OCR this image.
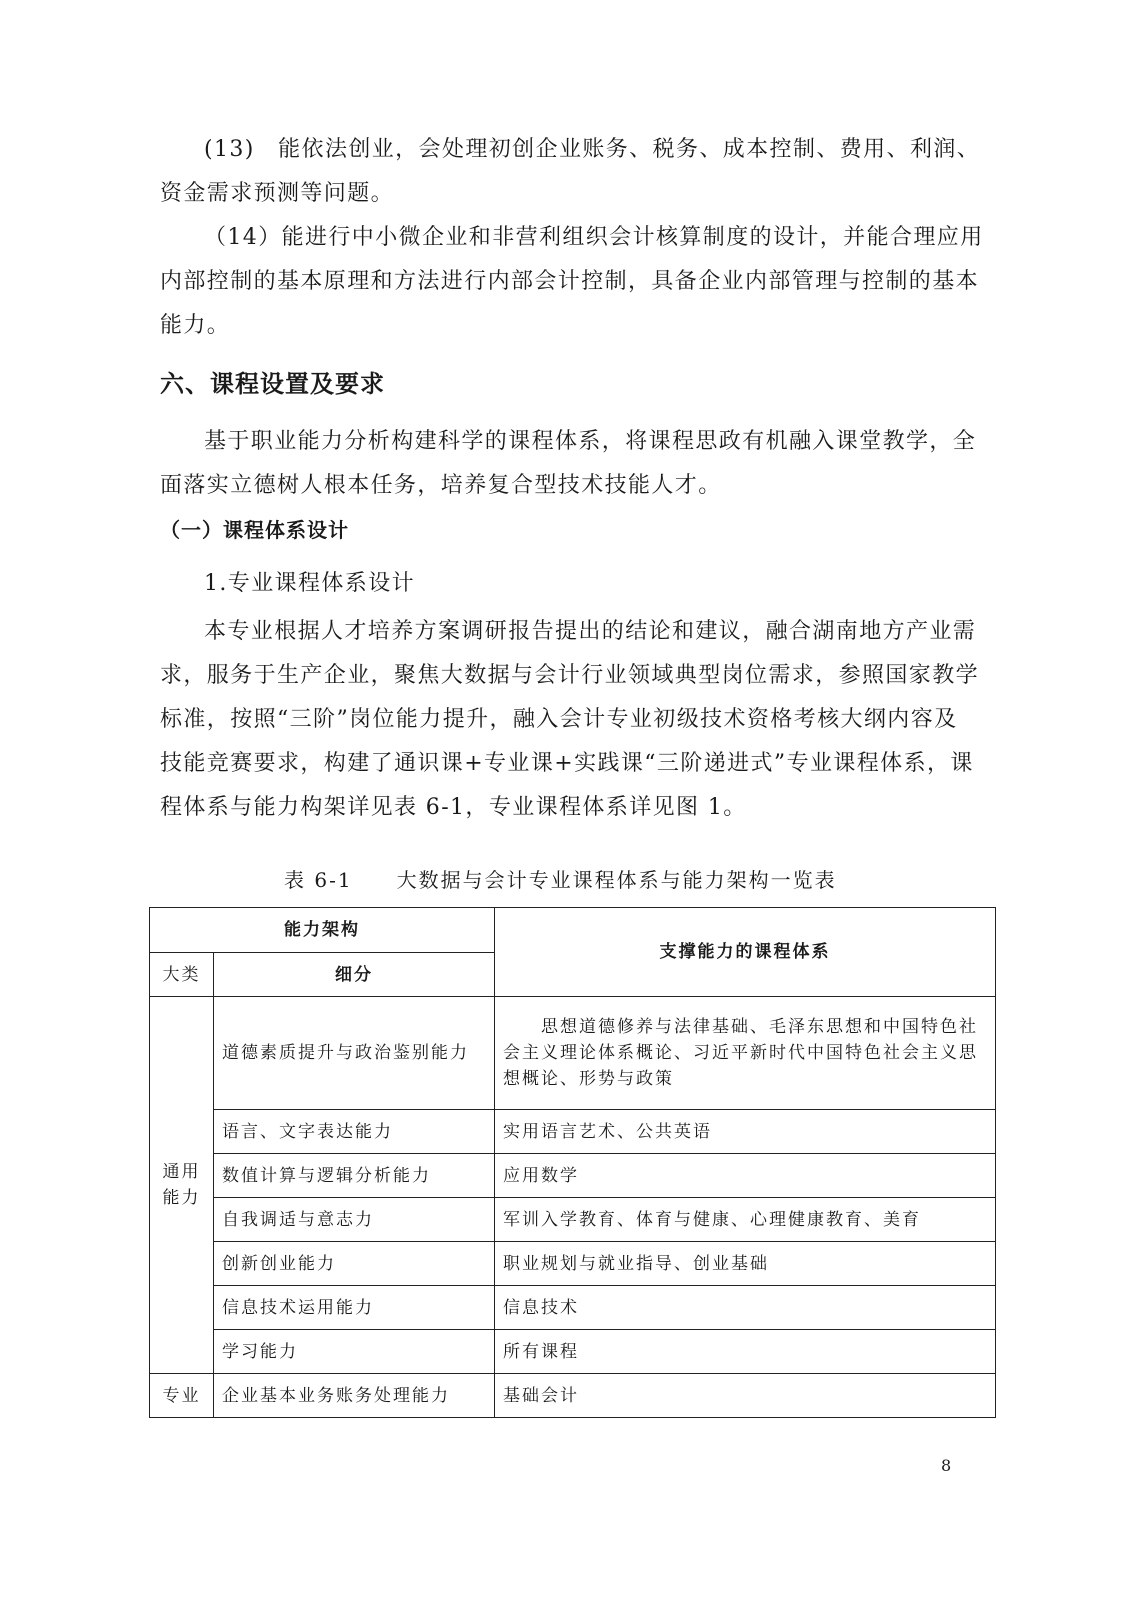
(13)　能依法创业，会处理初创企业账务、税务、成本控制、费用、利润、
资金需求预测等问题。
（14）能进行中小微企业和非营利组织会计核算制度的设计，并能合理应用
内部控制的基本原理和方法进行内部会计控制，具备企业内部管理与控制的基本
能力。
六、课程设置及要求
基于职业能力分析构建科学的课程体系，将课程思政有机融入课堂教学，全
面落实立德树人根本任务，培养复合型技术技能人才。
（一）课程体系设计
1.专业课程体系设计
本专业根据人才培养方案调研报告提出的结论和建议，融合湖南地方产业需
求，服务于生产企业，聚焦大数据与会计行业领域典型岗位需求，参照国家教学
标准，按照“三阶”岗位能力提升，融入会计专业初级技术资格考核大纲内容及
技能竞赛要求，构建了通识课+专业课+实践课“三阶递进式”专业课程体系，课
程体系与能力构架详见表 6-1，专业课程体系详见图 1。
表 6-1　　大数据与会计专业课程体系与能力架构一览表
能力架构		支撑能力的课程体系
大类	细分	
通用能力	道德素质提升与政治鉴别能力	思想道德修养与法律基础、毛泽东思想和中国特色社会主义理论体系概论、习近平新时代中国特色社会主义思想概论、形势与政策
	语言、文字表达能力	实用语言艺术、公共英语
	数值计算与逻辑分析能力	应用数学
	自我调适与意志力	军训入学教育、体育与健康、心理健康教育、美育
	创新创业能力	职业规划与就业指导、创业基础
	信息技术运用能力	信息技术
	学习能力	所有课程
专业	企业基本业务账务处理能力	基础会计
8
